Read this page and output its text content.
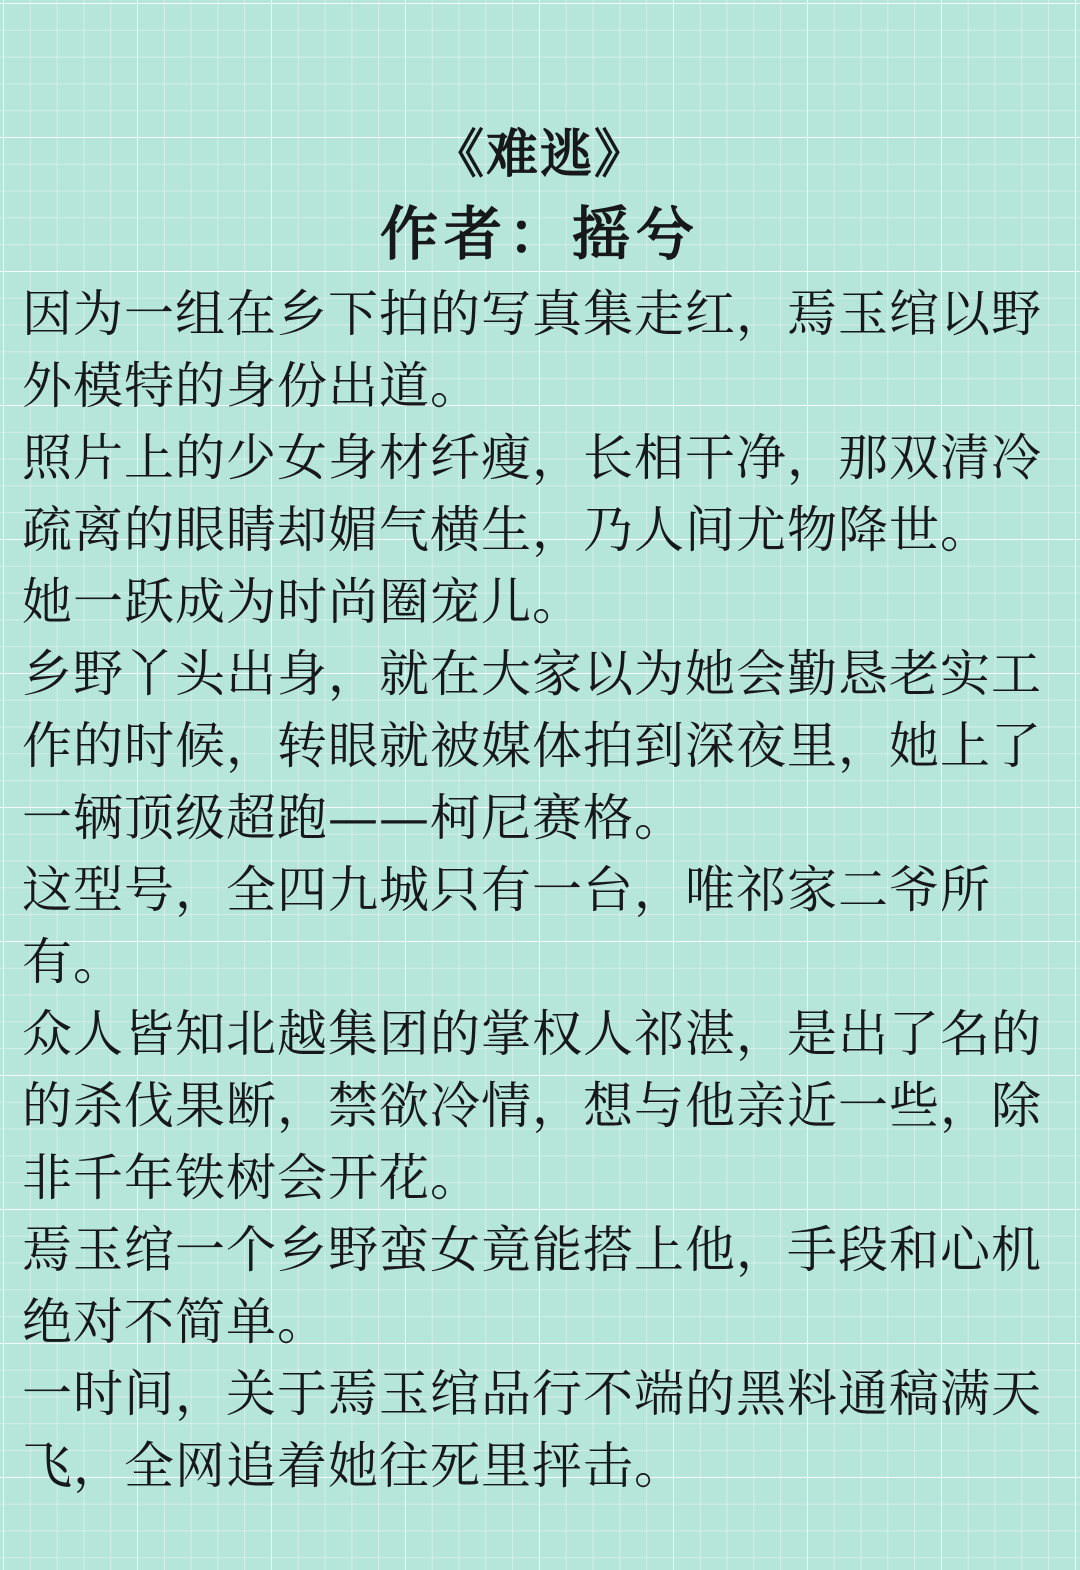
《难逃》
作者：摇兮

因为一组在乡下拍的写真集走红，焉玉绾以野外模特的身份出道。

照片上的少女身材纤瘦，长相干净，那双清冷疏离的眼睛却媚气横生，乃人间尤物降世。

她一跃成为时尚圈宠儿。

乡野丫头出身，就在大家以为她会勤恳老实工作的时候，转眼就被媒体拍到深夜里，她上了一辆顶级超跑——柯尼赛格。

这型号，全四九城只有一台，唯祁家二爷所有。

众人皆知北越集团的掌权人祁湛，是出了名的的杀伐果断，禁欲冷情，想与他亲近一些，除非千年铁树会开花。

焉玉绾一个乡野蛮女竟能搭上他，手段和心机绝对不简单。

一时间，关于焉玉绾品行不端的黑料通稿满天飞，全网追着她往死里抨击。
